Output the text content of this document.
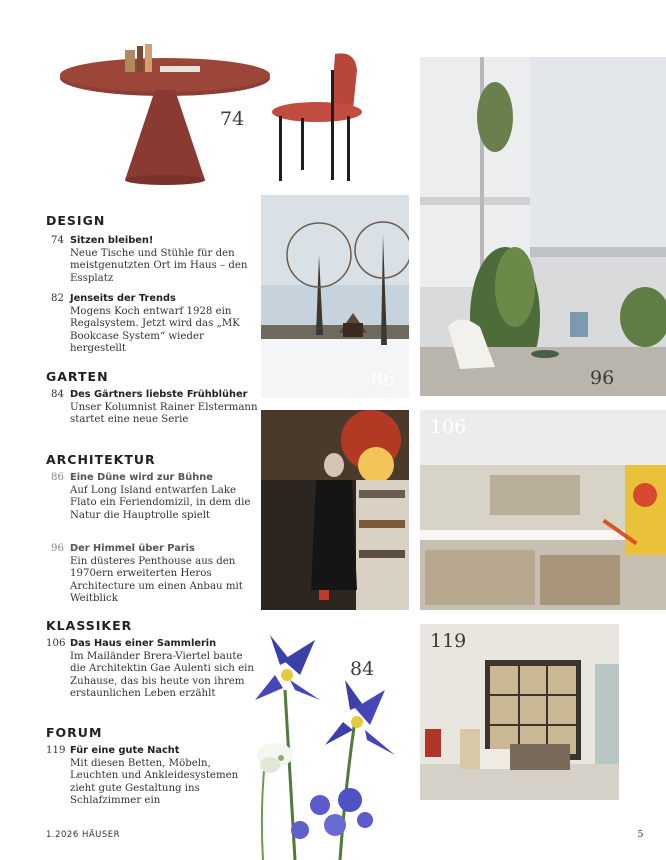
74
96
86
106
119
84
DESIGN
74 Sitzen bleiben!
Neue Tische und Stühle für den meistgenutzten Ort im Haus – den Essplatz
82 Jenseits der Trends
Mogens Koch entwarf 1928 ein Regalsystem. Jetzt wird das „MK Bookcase System“ wieder hergestellt
GARTEN
84 Des Gärtners liebste Frühblüher Unser Kolumnist Rainer Elstermann startet eine neue Serie
ARCHITEKTUR
86 Eine Düne wird zur Bühne
Auf Long Island entwarfen Lake Flato ein Feriendomizil, in dem die Natur die Hauptrolle spielt
96 Der Himmel über Paris
Ein düsteres Penthouse aus den 1970ern erweiterten Heros Architecture um einen Anbau mit Weitblick
KLASSIKER
106 Das Haus einer Sammlerin
Im Mailänder Brera-Viertel baute die Architektin Gae Aulenti sich ein Zuhause, das bis heute von ihrem erstaunlichen Leben erzählt
FORUM
119 Für eine gute Nacht
Mit diesen Betten, Möbeln, Leuchten und Ankleidesystemen zieht gute Gestaltung ins Schlafzimmer ein
1.2026 HÄUSER	5
